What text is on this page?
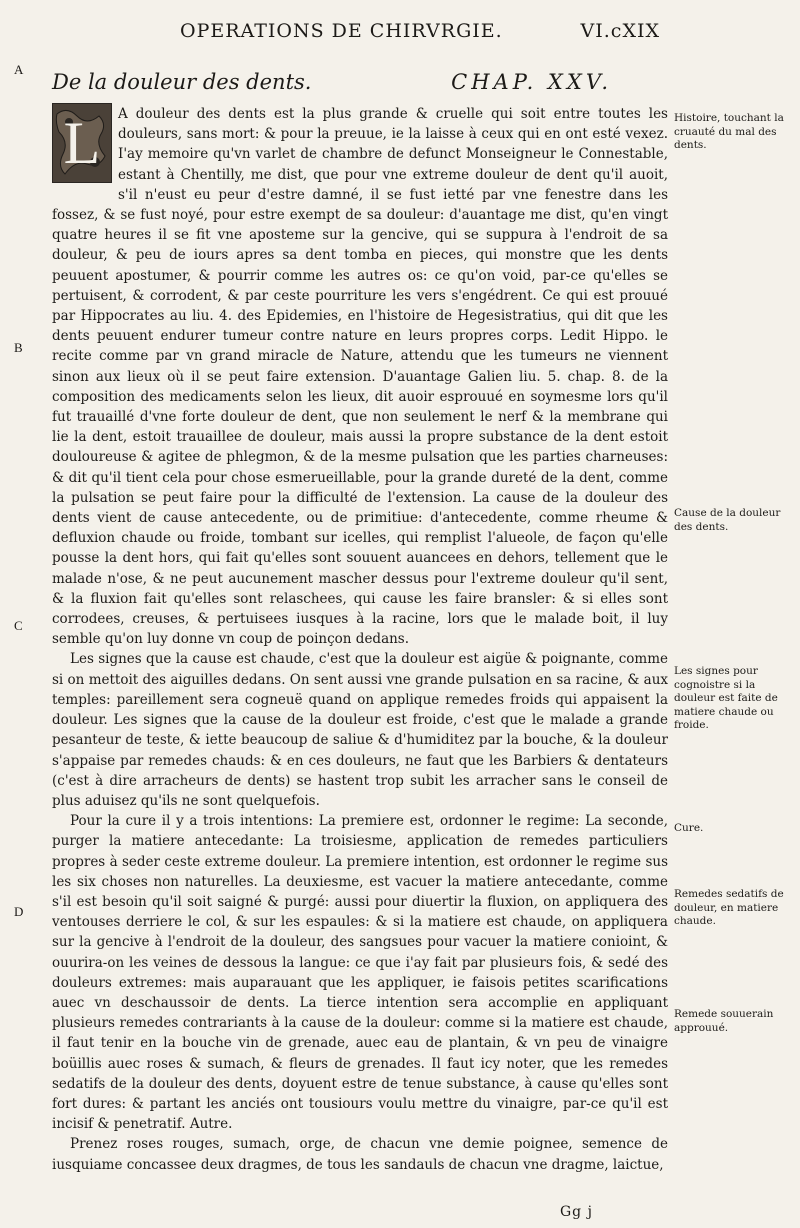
OPERATIONS DE CHIRVRGIE.	VI.cXIX
A
B
C
D
De la douleur des dents.	CHAP. XXV.
L	A douleur des dents est la plus grande & cruelle qui soit entre toutes les douleurs, sans mort: & pour la preuue, ie la laisse à ceux qui en ont esté vexez. I'ay memoire qu'vn varlet de chambre de defunct Monseigneur le Connestable, estant à Chentilly, me dist, que pour vne extreme douleur de dent qu'il auoit, s'il n'eust eu peur d'estre damné, il se fust ietté par vne fenestre dans les fossez, & se fust noyé, pour estre exempt de sa douleur: d'auantage me dist, qu'en vingt quatre heures il se fit vne aposteme sur la gencive, qui se suppura à l'endroit de sa douleur, & peu de iours apres sa dent tomba en pieces, qui monstre que les dents peuuent apostumer, & pourrir comme les autres os: ce qu'on void, par-ce qu'elles se pertuisent, & corrodent, & par ceste pourriture les vers s'engédrent. Ce qui est prouué par Hippocrates au liu. 4. des Epidemies, en l'histoire de Hegesistratius, qui dit que les dents peuuent endurer tumeur contre nature en leurs propres corps. Ledit Hippo. le recite comme par vn grand miracle de Nature, attendu que les tumeurs ne viennent sinon aux lieux où il se peut faire extension. D'auantage Galien liu. 5. chap. 8. de la composition des medicaments selon les lieux, dit auoir esprouué en soymesme lors qu'il fut trauaillé d'vne forte douleur de dent, que non seulement le nerf & la membrane qui lie la dent, estoit trauaillee de douleur, mais aussi la propre substance de la dent estoit douloureuse & agitee de phlegmon, & de la mesme pulsation que les parties charneuses: & dit qu'il tient cela pour chose esmerueillable, pour la grande dureté de la dent, comme la pulsation se peut faire pour la difficulté de l'extension. La cause de la douleur des dents vient de cause antecedente, ou de primitiue: d'antecedente, comme rheume & defluxion chaude ou froide, tombant sur icelles, qui remplist l'alueole, de façon qu'elle pousse la dent hors, qui fait qu'elles sont souuent auancees en dehors, tellement que le malade n'ose, & ne peut aucunement mascher dessus pour l'extreme douleur qu'il sent, & la fluxion fait qu'elles sont relaschees, qui cause les faire bransler: & si elles sont corrodees, creuses, & pertuisees iusques à la racine, lors que le malade boit, il luy semble qu'on luy donne vn coup de poinçon dedans.

Les signes que la cause est chaude, c'est que la douleur est aigüe & poignante, comme si on mettoit des aiguilles dedans. On sent aussi vne grande pulsation en sa racine, & aux temples: pareillement sera cogneuë quand on applique remedes froids qui appaisent la douleur. Les signes que la cause de la douleur est froide, c'est que le malade a grande pesanteur de teste, & iette beaucoup de saliue & d'humiditez par la bouche, & la douleur s'appaise par remedes chauds: & en ces douleurs, ne faut que les Barbiers & dentateurs (c'est à dire arracheurs de dents) se hastent trop subit les arracher sans le conseil de plus aduisez qu'ils ne sont quelquefois.

Pour la cure il y a trois intentions: La premiere est, ordonner le regime: La seconde, purger la matiere antecedante: La troisiesme, application de remedes particuliers propres à seder ceste extreme douleur. La premiere intention, est ordonner le regime sus les six choses non naturelles. La deuxiesme, est vacuer la matiere antecedante, comme s'il est besoin qu'il soit saigné & purgé: aussi pour diuertir la fluxion, on appliquera des ventouses derriere le col, & sur les espaules: & si la matiere est chaude, on appliquera sur la gencive à l'endroit de la douleur, des sangsues pour vacuer la matiere conioint, & ouurira-on les veines de dessous la langue: ce que i'ay fait par plusieurs fois, & sedé des douleurs extremes: mais auparauant que les appliquer, ie faisois petites scarifications auec vn deschaussoir de dents. La tierce intention sera accomplie en appliquant plusieurs remedes contrariants à la cause de la douleur: comme si la matiere est chaude, il faut tenir en la bouche vin de grenade, auec eau de plantain, & vn peu de vinaigre boüillis auec roses & sumach, & fleurs de grenades. Il faut icy noter, que les remedes sedatifs de la douleur des dents, doyuent estre de tenue substance, à cause qu'elles sont fort dures: & partant les anciés ont tousiours voulu mettre du vinaigre, par-ce qu'il est incisif & penetratif. Autre.

Prenez roses rouges, sumach, orge, de chacun vne demie poignee, semence de iusquiame concassee deux dragmes, de tous les sandauls de chacun vne dragme, laictue,

Histoire, touchant la cruauté du mal des dents.
Cause de la douleur des dents.
Les signes pour cognoistre si la douleur est faite de matiere chaude ou froide.
Cure.
Remedes sedatifs de douleur, en matiere chaude.
Remede souuerain approuué.
Gg j
